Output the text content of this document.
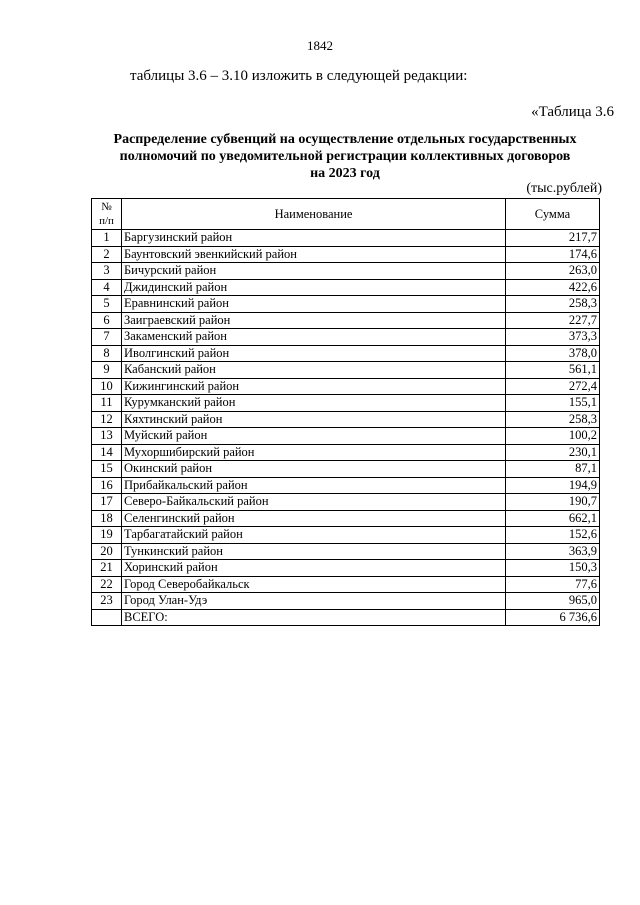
1842
таблицы 3.6 – 3.10 изложить в следующей редакции:
«Таблица 3.6
Распределение субвенций на осуществление отдельных государственных
полномочий по уведомительной регистрации коллективных договоров
на 2023 год
(тыс.рублей)
№
п/п	Наименование	Сумма
1	Баргузинский район	217,7
2	Баунтовский эвенкийский район	174,6
3	Бичурский район	263,0
4	Джидинский район	422,6
5	Еравнинский район	258,3
6	Заиграевский район	227,7
7	Закаменский район	373,3
8	Иволгинский район	378,0
9	Кабанский район	561,1
10	Кижингинский район	272,4
11	Курумканский район	155,1
12	Кяхтинский район	258,3
13	Муйский район	100,2
14	Мухоршибирский район	230,1
15	Окинский район	87,1
16	Прибайкальский район	194,9
17	Северо-Байкальский район	190,7
18	Селенгинский район	662,1
19	Тарбагатайский район	152,6
20	Тункинский район	363,9
21	Хоринский район	150,3
22	Город Северобайкальск	77,6
23	Город Улан-Удэ	965,0
	ВСЕГО:	6 736,6
